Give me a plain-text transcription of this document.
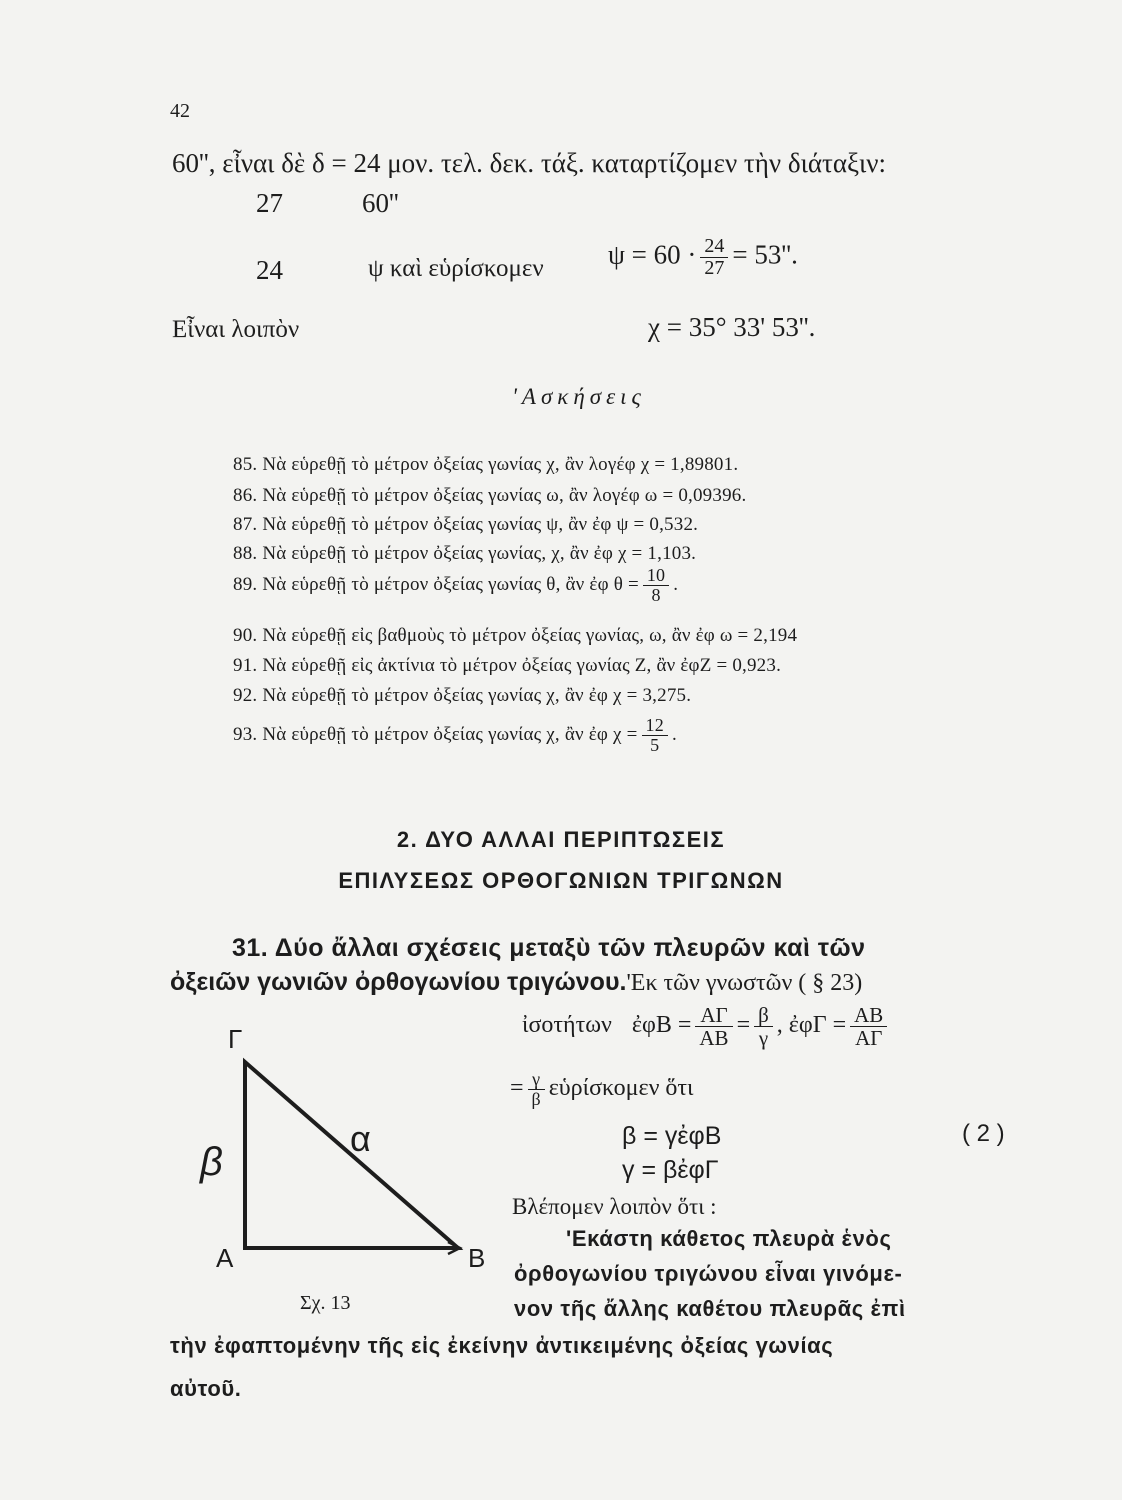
42
60'', εἶναι δὲ δ = 24 μον. τελ. δεκ. τάξ. καταρτίζομεν τὴν διάταξιν:
27	60''
24	ψ καὶ εὑρίσκομεν $\psi = 60 \cdot \frac{24}{27} = 53''$.
Εἶναι λοιπὸν	χ = 35° 33' 53''.
'Ασκήσεις
85. Νὰ εὑρεθῇ τὸ μέτρον ὀξείας γωνίας χ, ἂν λογέφ χ = 1,89801.
86. Νὰ εὑρεθῇ τὸ μέτρον ὀξείας γωνίας ω, ἂν λογέφ ω = 0,09396.
87. Νὰ εὑρεθῇ τὸ μέτρον ὀξείας γωνίας ψ, ἂν ἐφ ψ = 0,532.
88. Νὰ εὑρεθῇ τὸ μέτρον ὀξείας γωνίας, χ, ἂν ἐφ χ = 1,103.
89. Νὰ εὑρεθῇ τὸ μέτρον ὀξείας γωνίας θ, ἂν ἐφ $\theta = \frac{10}{8}$ .
90. Νὰ εὑρεθῇ εἰς βαθμοὺς τὸ μέτρον ὀξείας γωνίας, ω, ἂν ἐφ ω = 2,194
91. Νὰ εὑρεθῇ εἰς ἀκτίνια τὸ μέτρον ὀξείας γωνίας Ζ, ἂν ἐφΖ = 0,923.
92. Νὰ εὑρεθῇ τὸ μέτρον ὀξείας γωνίας χ, ἂν ἐφ χ = 3,275.
93. Νὰ εὑρεθῇ τὸ μέτρον ὀξείας γωνίας χ, ἂν ἐφ $\chi = \frac{12}{5}$ .
2. ΔΥΟ ΑΛΛΑΙ ΠΕΡΙΠΤΩΣΕΙΣ
ΕΠΙΛΥΣΕΩΣ ΟΡΘΟΓΩΝΙΩΝ ΤΡΙΓΩΝΩΝ
31. Δύο ἄλλαι σχέσεις μεταξὺ τῶν πλευρῶν καὶ τῶν
ὀξειῶν γωνιῶν ὀρθογωνίου τριγώνου.'Εκ τῶν γνωστῶν ( § 23)
ἰσοτήτων ἐφΒ = $\frac{A\Gamma}{AB} = \frac{\beta}{\gamma}$ , ἐφΓ = $\frac{AB}{A\Gamma}$
= $\frac{\gamma}{\beta}$ εὑρίσκομεν ὅτι
β = γἐφΒ
γ = βἐφΓ
( 2 )
Βλέπομεν λοιπὸν ὅτι :
'Εκάστη κάθετος πλευρὰ ἑνὸς
ὀρθογωνίου τριγώνου εἶναι γινόμε-
νον τῆς ἄλλης καθέτου πλευρᾶς ἐπὶ
τὴν ἐφαπτομένην τῆς εἰς ἐκείνην ἀντικειμένης ὀξείας γωνίας
αὐτοῦ.
Γ
Α	Β
β
α
Σχ. 13
